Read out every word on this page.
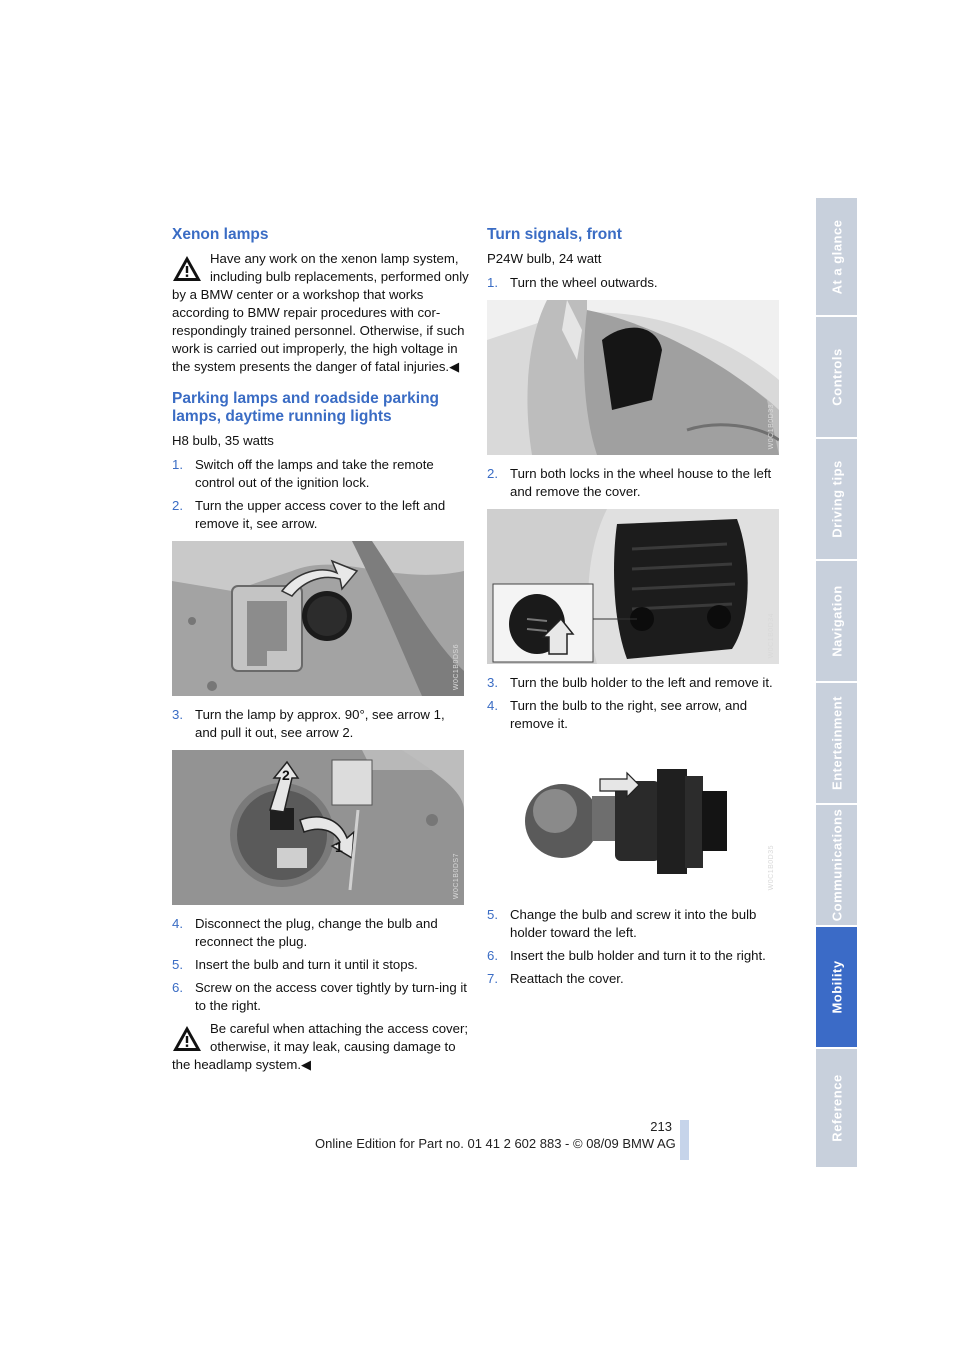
Xenon lamps
Have any work on the xenon lamp system, including bulb replacements, performed only by a BMW center or a workshop that works according to BMW repair procedures with cor-respondingly trained personnel. Otherwise, if such work is carried out improperly, the high voltage in the system presents the danger of fatal injuries.◀
Parking lamps and roadside parking lamps, daytime running lights

H8 bulb, 35 watts

1. Switch off the lamps and take the remote control out of the ignition lock.
2. Turn the upper access cover to the left and remove it, see arrow.
W0C1B0DS6
3. Turn the lamp by approx. 90°, see arrow 1, and pull it out, see arrow 2.
2
1
W0C1B0DS7
4. Disconnect the plug, change the bulb and reconnect the plug.
5. Insert the bulb and turn it until it stops.
6. Screw on the access cover tightly by turn-ing it to the right.
Be careful when attaching the access cover; otherwise, it may leak, causing damage to the headlamp system.◀
Turn signals, front

P24W bulb, 24 watt

1. Turn the wheel outwards.
W0C1B0D33
2. Turn both locks in the wheel house to the left and remove the cover.
W0C1B0D34
3. Turn the bulb holder to the left and remove it.
4. Turn the bulb to the right, see arrow, and remove it.
W0C1B0D35
5. Change the bulb and screw it into the bulb holder toward the left.
6. Insert the bulb holder and turn it to the right.
7. Reattach the cover.
At a glance
Controls
Driving tips
Navigation
Entertainment
Communications
Mobility
Reference
213
Online Edition for Part no. 01 41 2 602 883 - © 08/09 BMW AG
